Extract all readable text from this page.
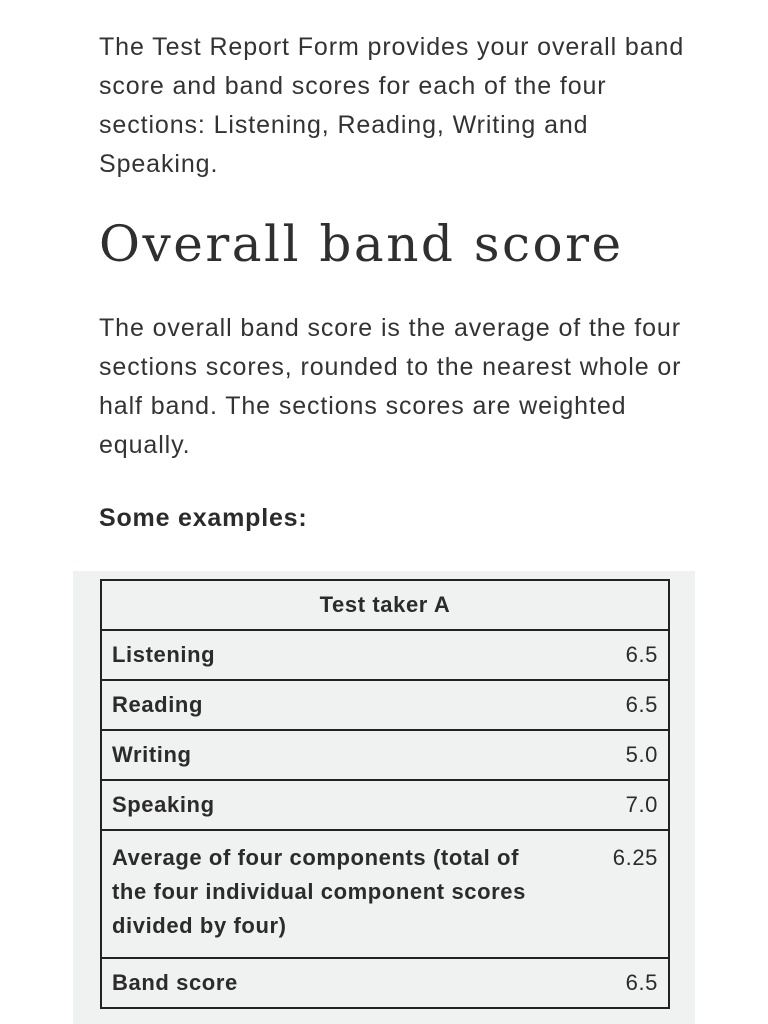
The Test Report Form provides your overall band score and band scores for each of the four sections: Listening, Reading, Writing and Speaking.

Overall band score

The overall band score is the average of the four sections scores, rounded to the nearest whole or half band. The sections scores are weighted equally.

Some examples:

Test taker A	
Listening	6.5
Reading	6.5
Writing	5.0
Speaking	7.0
Average of four components (total of the four individual component scores divided by four)	6.25
Band score	6.5
